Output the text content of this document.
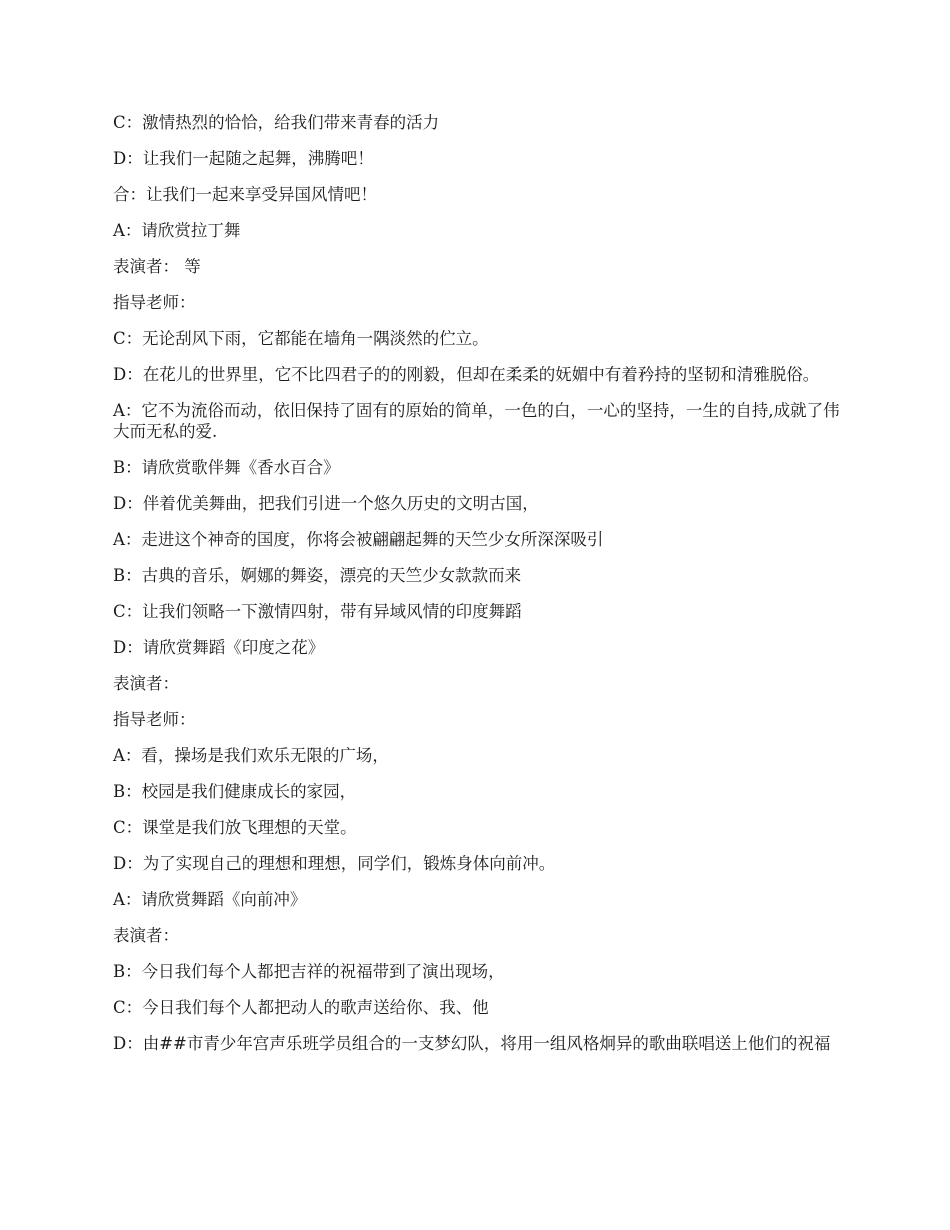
C：激情热烈的恰恰，给我们带来青春的活力

D：让我们一起随之起舞，沸腾吧！

合：让我们一起来享受异国风情吧！

A：请欣赏拉丁舞

表演者： 等

指导老师：

C：无论刮风下雨，它都能在墙角一隅淡然的伫立。

D：在花儿的世界里，它不比四君子的的刚毅，但却在柔柔的妩媚中有着矜持的坚韧和清雅脱俗。

A：它不为流俗而动，依旧保持了固有的原始的简单，一色的白，一心的坚持，一生的自持,成就了伟大而无私的爱.

B：请欣赏歌伴舞《香水百合》

D：伴着优美舞曲，把我们引进一个悠久历史的文明古国，

A：走进这个神奇的国度，你将会被翩翩起舞的天竺少女所深深吸引

B：古典的音乐，婀娜的舞姿，漂亮的天竺少女款款而来

C：让我们领略一下激情四射，带有异域风情的印度舞蹈

D：请欣赏舞蹈《印度之花》

表演者：

指导老师：

A：看，操场是我们欢乐无限的广场，

B：校园是我们健康成长的家园，

C：课堂是我们放飞理想的天堂。

D：为了实现自己的理想和理想，同学们，锻炼身体向前冲。

A：请欣赏舞蹈《向前冲》

表演者：

B：今日我们每个人都把吉祥的祝福带到了演出现场，

C：今日我们每个人都把动人的歌声送给你、我、他

D：由##市青少年宫声乐班学员组合的一支梦幻队，将用一组风格炯异的歌曲联唱送上他们的祝福
